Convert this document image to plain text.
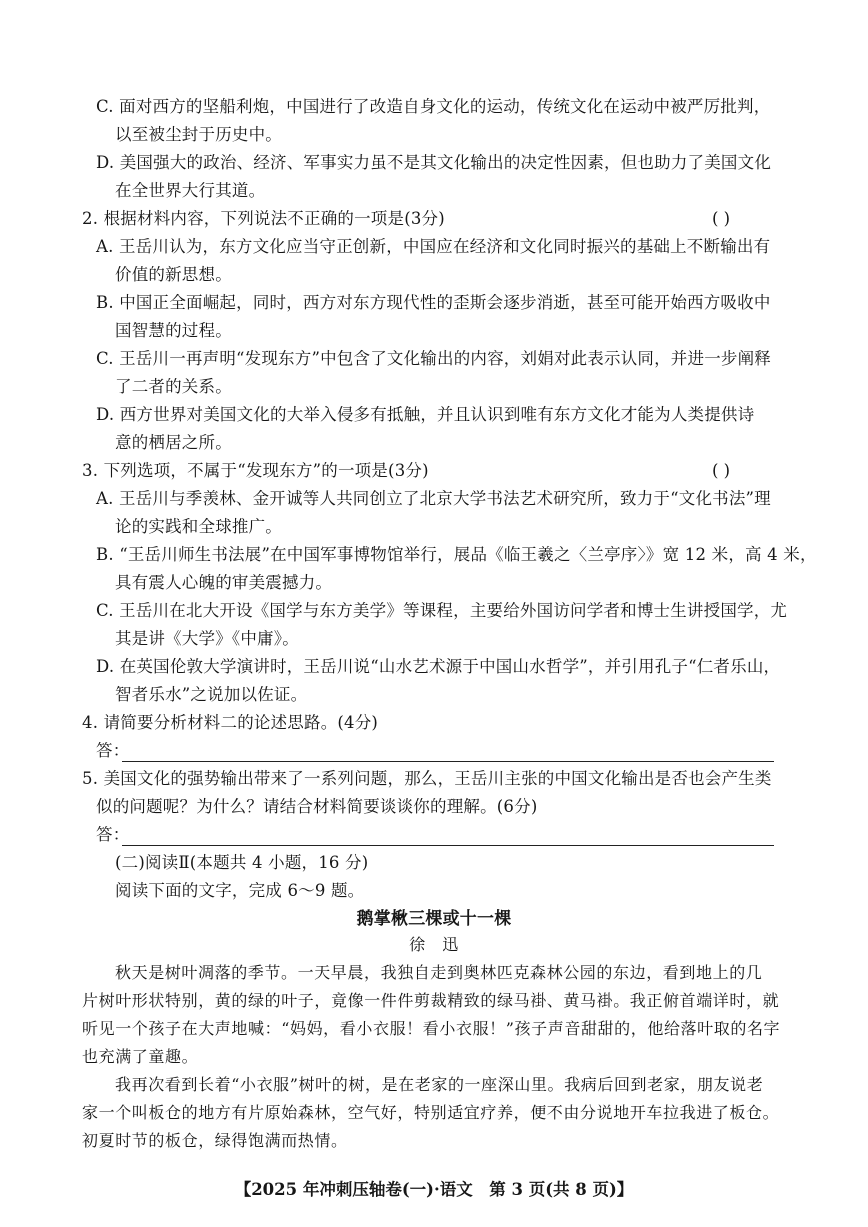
C. 面对西方的坚船利炮，中国进行了改造自身文化的运动，传统文化在运动中被严厉批判，
以至被尘封于历史中。
D. 美国强大的政治、经济、军事实力虽不是其文化输出的决定性因素，但也助力了美国文化
在全世界大行其道。
2. 根据材料内容，下列说法不正确的一项是(3分)	( )
A. 王岳川认为，东方文化应当守正创新，中国应在经济和文化同时振兴的基础上不断输出有
价值的新思想。
B. 中国正全面崛起，同时，西方对东方现代性的歪斯会逐步消逝，甚至可能开始西方吸收中
国智慧的过程。
C. 王岳川一再声明“发现东方”中包含了文化输出的内容，刘娟对此表示认同，并进一步阐释
了二者的关系。
D. 西方世界对美国文化的大举入侵多有抵触，并且认识到唯有东方文化才能为人类提供诗
意的栖居之所。
3. 下列选项，不属于“发现东方”的一项是(3分)	( )
A. 王岳川与季羡林、金开诚等人共同创立了北京大学书法艺术研究所，致力于“文化书法”理
论的实践和全球推广。
B. “王岳川师生书法展”在中国军事博物馆举行，展品《临王羲之〈兰亭序〉》宽 12 米，高 4 米，
具有震人心魄的审美震撼力。
C. 王岳川在北大开设《国学与东方美学》等课程，主要给外国访问学者和博士生讲授国学，尤
其是讲《大学》《中庸》。
D. 在英国伦敦大学演讲时，王岳川说“山水艺术源于中国山水哲学”，并引用孔子“仁者乐山，
智者乐水”之说加以佐证。
4. 请简要分析材料二的论述思路。(4分)
答：
5. 美国文化的强势输出带来了一系列问题，那么，王岳川主张的中国文化输出是否也会产生类
似的问题呢？为什么？请结合材料简要谈谈你的理解。(6分)
答：
(二)阅读Ⅱ(本题共 4 小题，16 分)
阅读下面的文字，完成 6～9 题。
鹅掌楸三棵或十一棵
徐　迅
秋天是树叶凋落的季节。一天早晨，我独自走到奥林匹克森林公园的东边，看到地上的几
片树叶形状特别，黄的绿的叶子，竟像一件件剪裁精致的绿马褂、黄马褂。我正俯首端详时，就
听见一个孩子在大声地喊：“妈妈，看小衣服！看小衣服！”孩子声音甜甜的，他给落叶取的名字
也充满了童趣。
我再次看到长着“小衣服”树叶的树，是在老家的一座深山里。我病后回到老家，朋友说老
家一个叫板仓的地方有片原始森林，空气好，特别适宜疗养，便不由分说地开车拉我进了板仓。
初夏时节的板仓，绿得饱满而热情。
【2025 年冲刺压轴卷(一)·语文　第 3 页(共 8 页)】
